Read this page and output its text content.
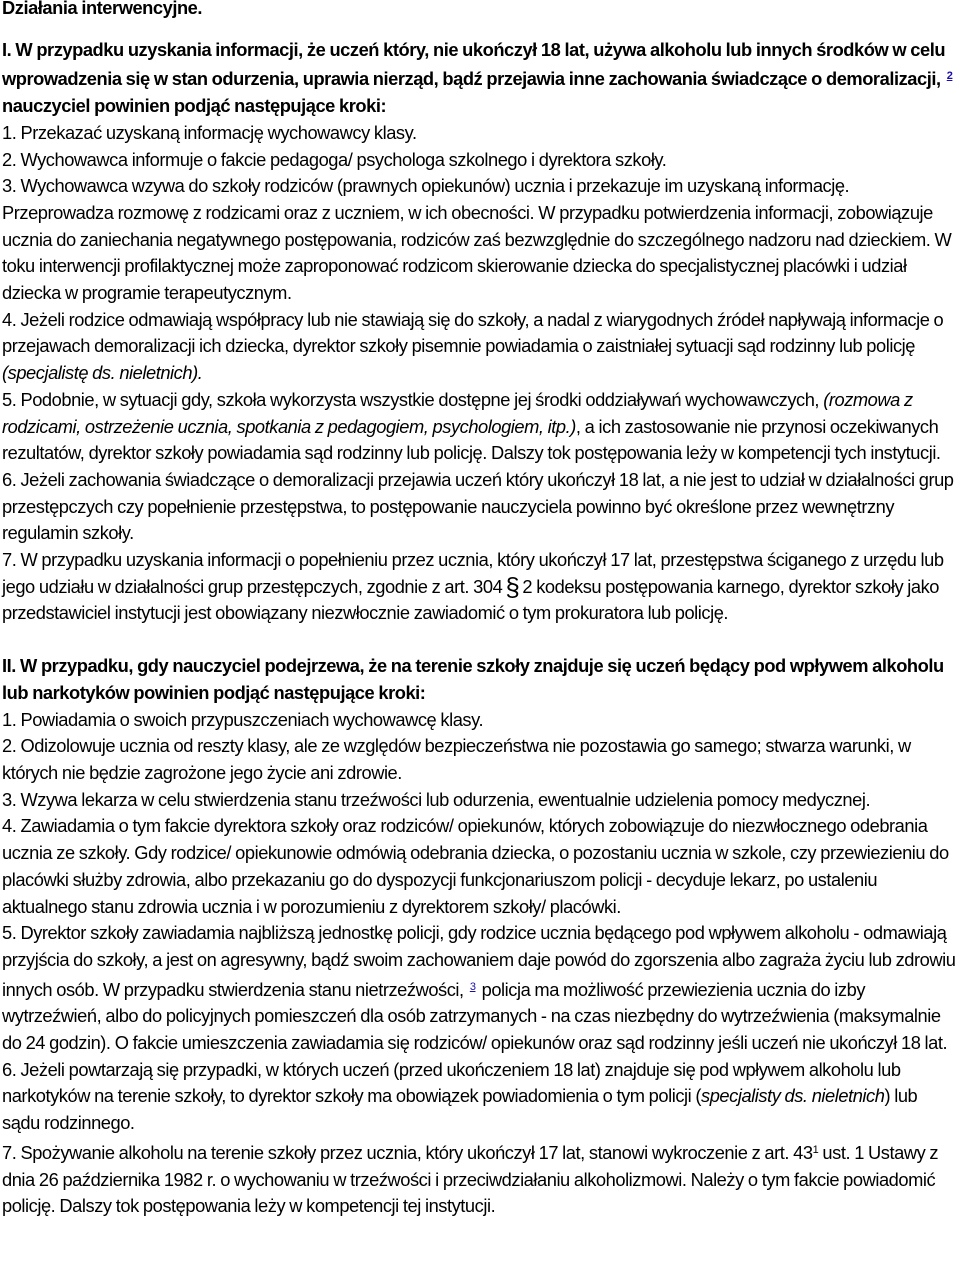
Działania interwencyjne.

I. W przypadku uzyskania informacji, że uczeń który, nie ukończył 18 lat, używa alkoholu lub innych środków w celu wprowadzenia się w stan odurzenia, uprawia nierząd, bądź przejawia inne zachowania świadczące o demoralizacji, $^2$ nauczyciel powinien podjąć następujące kroki:

1. Przekazać uzyskaną informację wychowawcy klasy.

2. Wychowawca informuje o fakcie pedagoga/ psychologa szkolnego i dyrektora szkoły.

3. Wychowawca wzywa do szkoły rodziców (prawnych opiekunów) ucznia i przekazuje im uzyskaną informację. Przeprowadza rozmowę z rodzicami oraz z uczniem, w ich obecności. W przypadku potwierdzenia informacji, zobowiązuje ucznia do zaniechania negatywnego postępowania, rodziców zaś bezwzględnie do szczególnego nadzoru nad dzieckiem. W toku interwencji profilaktycznej może zaproponować rodzicom skierowanie dziecka do specjalistycznej placówki i udział dziecka w programie terapeutycznym.

4. Jeżeli rodzice odmawiają współpracy lub nie stawiają się do szkoły, a nadal z wiarygodnych źródeł napływają informacje o przejawach demoralizacji ich dziecka, dyrektor szkoły pisemnie powiadamia o zaistniałej sytuacji sąd rodzinny lub policję (specjalistę ds. nieletnich).

5. Podobnie, w sytuacji gdy, szkoła wykorzysta wszystkie dostępne jej środki oddziaływań wychowawczych, (rozmowa z rodzicami, ostrzeżenie ucznia, spotkania z pedagogiem, psychologiem, itp.), a ich zastosowanie nie przynosi oczekiwanych rezultatów, dyrektor szkoły powiadamia sąd rodzinny lub policję. Dalszy tok postępowania leży w kompetencji tych instytucji.

6. Jeżeli zachowania świadczące o demoralizacji przejawia uczeń który ukończył 18 lat, a nie jest to udział w działalności grup przestępczych czy popełnienie przestępstwa, to postępowanie nauczyciela powinno być określone przez wewnętrzny regulamin szkoły.

7. W przypadku uzyskania informacji o popełnieniu przez ucznia, który ukończył 17 lat, przestępstwa ściganego z urzędu lub jego udziału w działalności grup przestępczych, zgodnie z art. 304 § 2 kodeksu postępowania karnego, dyrektor szkoły jako przedstawiciel instytucji jest obowiązany niezwłocznie zawiadomić o tym prokuratora lub policję.

II. W przypadku, gdy nauczyciel podejrzewa, że na terenie szkoły znajduje się uczeń będący pod wpływem alkoholu lub narkotyków powinien podjąć następujące kroki:

1. Powiadamia o swoich przypuszczeniach wychowawcę klasy.

2. Odizolowuje ucznia od reszty klasy, ale ze względów bezpieczeństwa nie pozostawia go samego; stwarza warunki, w których nie będzie zagrożone jego życie ani zdrowie.

3. Wzywa lekarza w celu stwierdzenia stanu trzeźwości lub odurzenia, ewentualnie udzielenia pomocy medycznej.

4. Zawiadamia o tym fakcie dyrektora szkoły oraz rodziców/ opiekunów, których zobowiązuje do niezwłocznego odebrania ucznia ze szkoły. Gdy rodzice/ opiekunowie odmówią odebrania dziecka, o pozostaniu ucznia w szkole, czy przewiezieniu do placówki służby zdrowia, albo przekazaniu go do dyspozycji funkcjonariuszom policji - decyduje lekarz, po ustaleniu aktualnego stanu zdrowia ucznia i w porozumieniu z dyrektorem szkoły/ placówki.

5. Dyrektor szkoły zawiadamia najbliższą jednostkę policji, gdy rodzice ucznia będącego pod wpływem alkoholu - odmawiają przyjścia do szkoły, a jest on agresywny, bądź swoim zachowaniem daje powód do zgorszenia albo zagraża życiu lub zdrowiu innych osób. W przypadku stwierdzenia stanu nietrzeźwości, $^3$ policja ma możliwość przewiezienia ucznia do izby wytrzeźwień, albo do policyjnych pomieszczeń dla osób zatrzymanych - na czas niezbędny do wytrzeźwienia (maksymalnie do 24 godzin). O fakcie umieszczenia zawiadamia się rodziców/ opiekunów oraz sąd rodzinny jeśli uczeń nie ukończył 18 lat.

6. Jeżeli powtarzają się przypadki, w których uczeń (przed ukończeniem 18 lat) znajduje się pod wpływem alkoholu lub narkotyków na terenie szkoły, to dyrektor szkoły ma obowiązek powiadomienia o tym policji (specjalisty ds. nieletnich) lub sądu rodzinnego.

7. Spożywanie alkoholu na terenie szkoły przez ucznia, który ukończył 17 lat, stanowi wykroczenie z art. $43^1$ ust. 1 Ustawy z dnia 26 października 1982 r. o wychowaniu w trzeźwości i przeciwdziałaniu alkoholizmowi. Należy o tym fakcie powiadomić policję. Dalszy tok postępowania leży w kompetencji tej instytucji.
